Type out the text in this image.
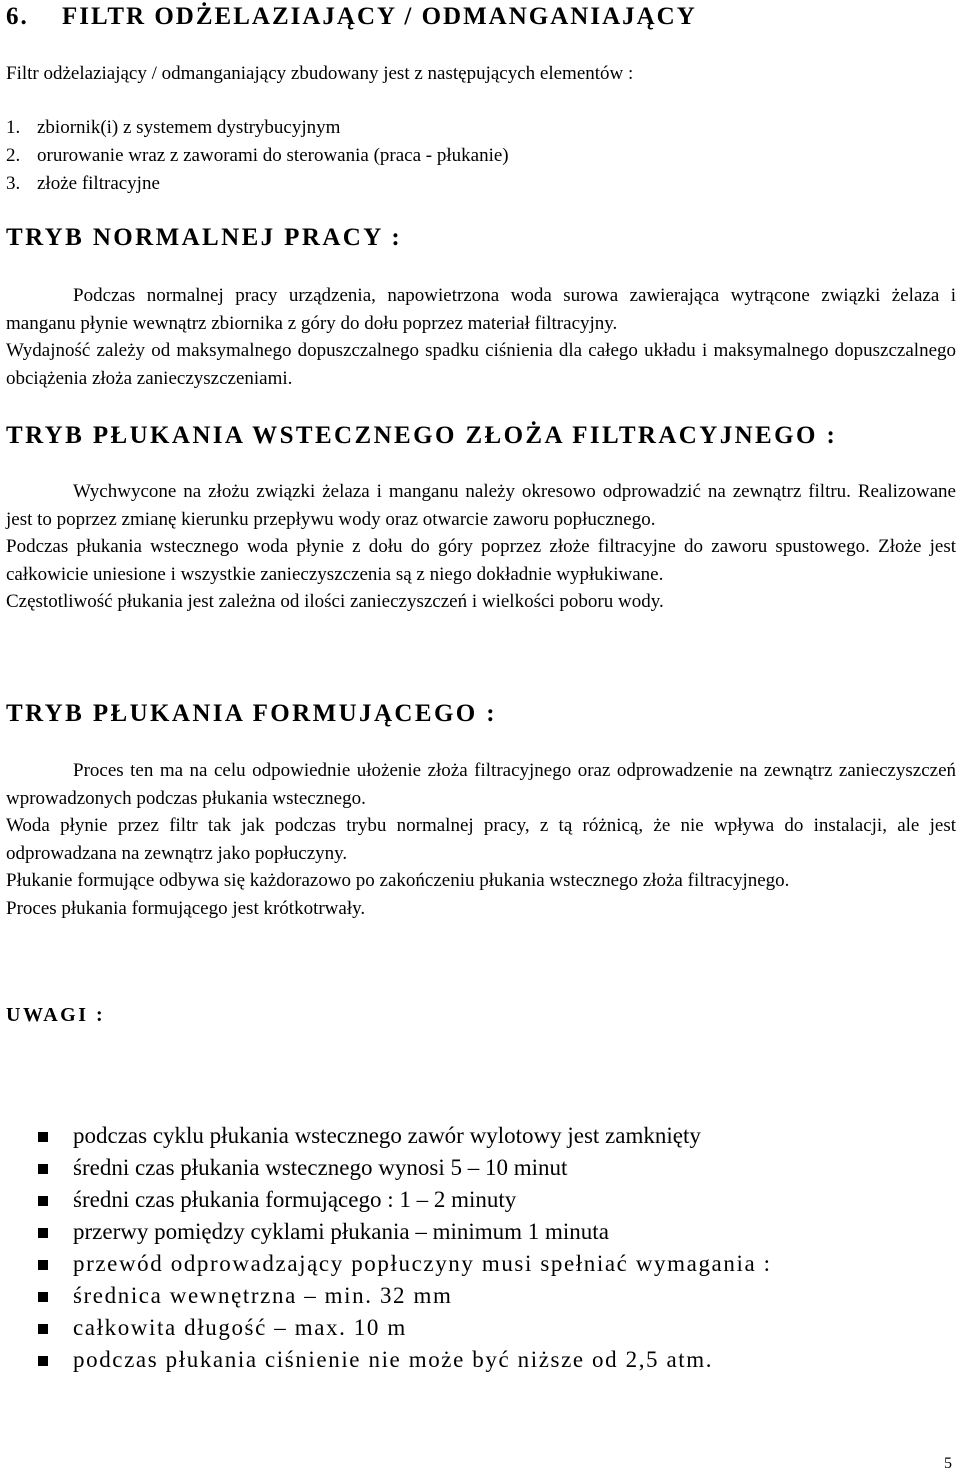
6. FILTR ODŻELAZIAJĄCY / ODMANGANIAJĄCY

Filtr odżelaziający / odmanganiający zbudowany jest z następujących elementów :

1. zbiornik(i) z systemem dystrybucyjnym
2. orurowanie wraz z zaworami do sterowania (praca - płukanie)
3. złoże filtracyjne
TRYB NORMALNEJ PRACY :

Podczas normalnej pracy urządzenia, napowietrzona woda surowa zawierająca wytrącone związki żelaza i manganu płynie wewnątrz zbiornika z góry do dołu poprzez materiał filtracyjny.

Wydajność zależy od maksymalnego dopuszczalnego spadku ciśnienia dla całego układu i maksymalnego dopuszczalnego obciążenia złoża zanieczyszczeniami.

TRYB PŁUKANIA WSTECZNEGO ZŁOŻA FILTRACYJNEGO :

Wychwycone na złożu związki żelaza i manganu należy okresowo odprowadzić na zewnątrz filtru. Realizowane jest to poprzez zmianę kierunku przepływu wody oraz otwarcie zaworu popłucznego.

Podczas płukania wstecznego woda płynie z dołu do góry poprzez złoże filtracyjne do zaworu spustowego. Złoże jest całkowicie uniesione i wszystkie zanieczyszczenia są z niego dokładnie wypłukiwane.

Częstotliwość płukania jest zależna od ilości zanieczyszczeń i wielkości poboru wody.

TRYB PŁUKANIA FORMUJĄCEGO :

Proces ten ma na celu odpowiednie ułożenie złoża filtracyjnego oraz odprowadzenie na zewnątrz zanieczyszczeń wprowadzonych podczas płukania wstecznego.

Woda płynie przez filtr tak jak podczas trybu normalnej pracy, z tą różnicą, że nie wpływa do instalacji, ale jest odprowadzana na zewnątrz jako popłuczyny.

Płukanie formujące odbywa się każdorazowo po zakończeniu płukania wstecznego złoża filtracyjnego.

Proces płukania formującego jest krótkotrwały.

UWAGI :
podczas cyklu płukania wstecznego zawór wylotowy jest zamknięty
średni czas płukania wstecznego wynosi 5 – 10 minut
średni czas płukania formującego : 1 – 2 minuty
przerwy pomiędzy cyklami płukania – minimum 1 minuta
przewód odprowadzający popłuczyny musi spełniać wymagania :
średnica wewnętrzna – min. 32 mm
całkowita długość – max. 10 m
podczas płukania ciśnienie nie może być niższe od 2,5 atm.
5
